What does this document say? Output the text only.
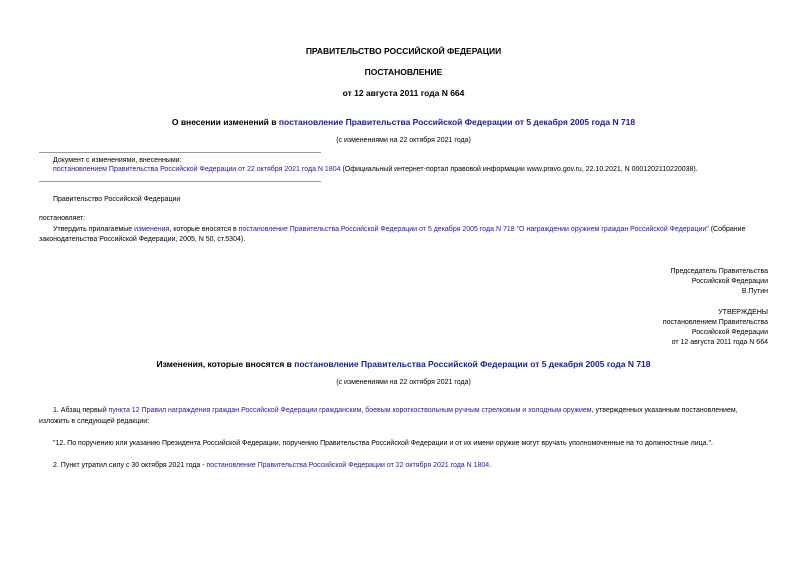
ПРАВИТЕЛЬСТВО РОССИЙСКОЙ ФЕДЕРАЦИИ
ПОСТАНОВЛЕНИЕ
от 12 августа 2011 года N 664
О внесении изменений в постановление Правительства Российской Федерации от 5 декабря 2005 года N 718
(с изменениями на 22 октября 2021 года)
Документ с изменениями, внесенными:
постановлением Правительства Российской Федерации от 22 октября 2021 года N 1804 (Официальный интернет-портал правовой информации www.pravo.gov.ru, 22.10.2021, N 0001202110220038).
Правительство Российской Федерации
постановляет:
Утвердить прилагаемые изменения, которые вносятся в постановление Правительства Российской Федерации от 5 декабря 2005 года N 718 "О награждении оружием граждан Российской Федерации" (Собрание
законодательства Российской Федерации, 2005, N 50, ст.5304).
Председатель Правительства
Российской Федерации
В.Путин
УТВЕРЖДЕНЫ
постановлением Правительства
Российской Федерации
от 12 августа 2011 года N 664
Изменения, которые вносятся в постановление Правительства Российской Федерации от 5 декабря 2005 года N 718
(с изменениями на 22 октября 2021 года)
1. Абзац первый пункта 12 Правил награждения граждан Российской Федерации гражданским, боевым короткоствольным ручным стрелковым и холодным оружием, утвержденных указанным постановлением,
изложить в следующей редакции:
"12. По поручению или указанию Президента Российской Федерации, поручению Правительства Российской Федерации и от их имени оружие могут вручать уполномоченные на то должностные лица.".
2. Пункт утратил силу с 30 октября 2021 года - постановление Правительства Российской Федерации от 22 октября 2021 года N 1804.
